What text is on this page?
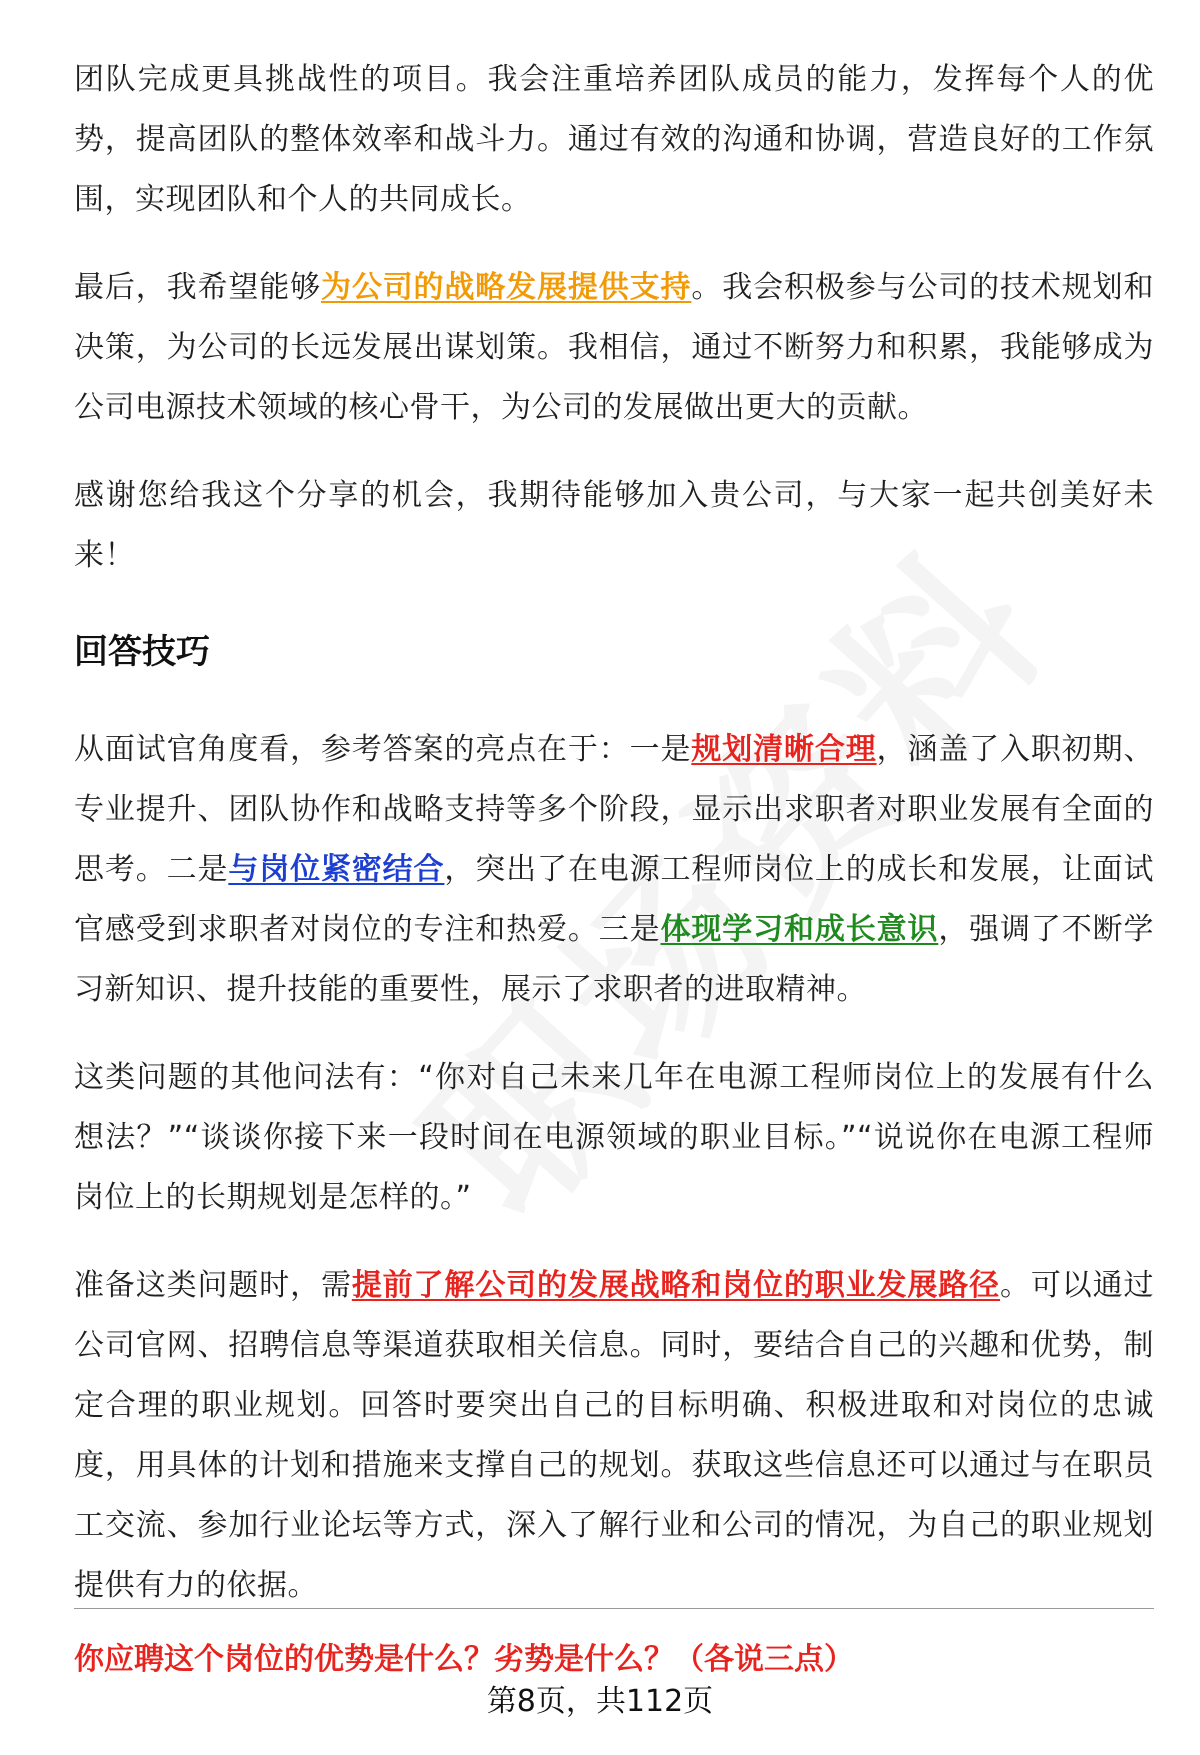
团队完成更具挑战性的项目。我会注重培养团队成员的能力，发挥每个人的优势，提高团队的整体效率和战斗力。通过有效的沟通和协调，营造良好的工作氛围，实现团队和个人的共同成长。

最后，我希望能够为公司的战略发展提供支持。我会积极参与公司的技术规划和决策，为公司的长远发展出谋划策。我相信，通过不断努力和积累，我能够成为公司电源技术领域的核心骨干，为公司的发展做出更大的贡献。

感谢您给我这个分享的机会，我期待能够加入贵公司，与大家一起共创美好未来！

回答技巧

从面试官角度看，参考答案的亮点在于：一是规划清晰合理，涵盖了入职初期、专业提升、团队协作和战略支持等多个阶段，显示出求职者对职业发展有全面的思考。二是与岗位紧密结合，突出了在电源工程师岗位上的成长和发展，让面试官感受到求职者对岗位的专注和热爱。三是体现学习和成长意识，强调了不断学习新知识、提升技能的重要性，展示了求职者的进取精神。

这类问题的其他问法有：“你对自己未来几年在电源工程师岗位上的发展有什么想法？”“谈谈你接下来一段时间在电源领域的职业目标。”“说说你在电源工程师岗位上的长期规划是怎样的。”

准备这类问题时，需提前了解公司的发展战略和岗位的职业发展路径。可以通过公司官网、招聘信息等渠道获取相关信息。同时，要结合自己的兴趣和优势，制定合理的职业规划。回答时要突出自己的目标明确、积极进取和对岗位的忠诚度，用具体的计划和措施来支撑自己的规划。获取这些信息还可以通过与在职员工交流、参加行业论坛等方式，深入了解行业和公司的情况，为自己的职业规划提供有力的依据。

你应聘这个岗位的优势是什么？劣势是什么？（各说三点）
第8页，共112页
